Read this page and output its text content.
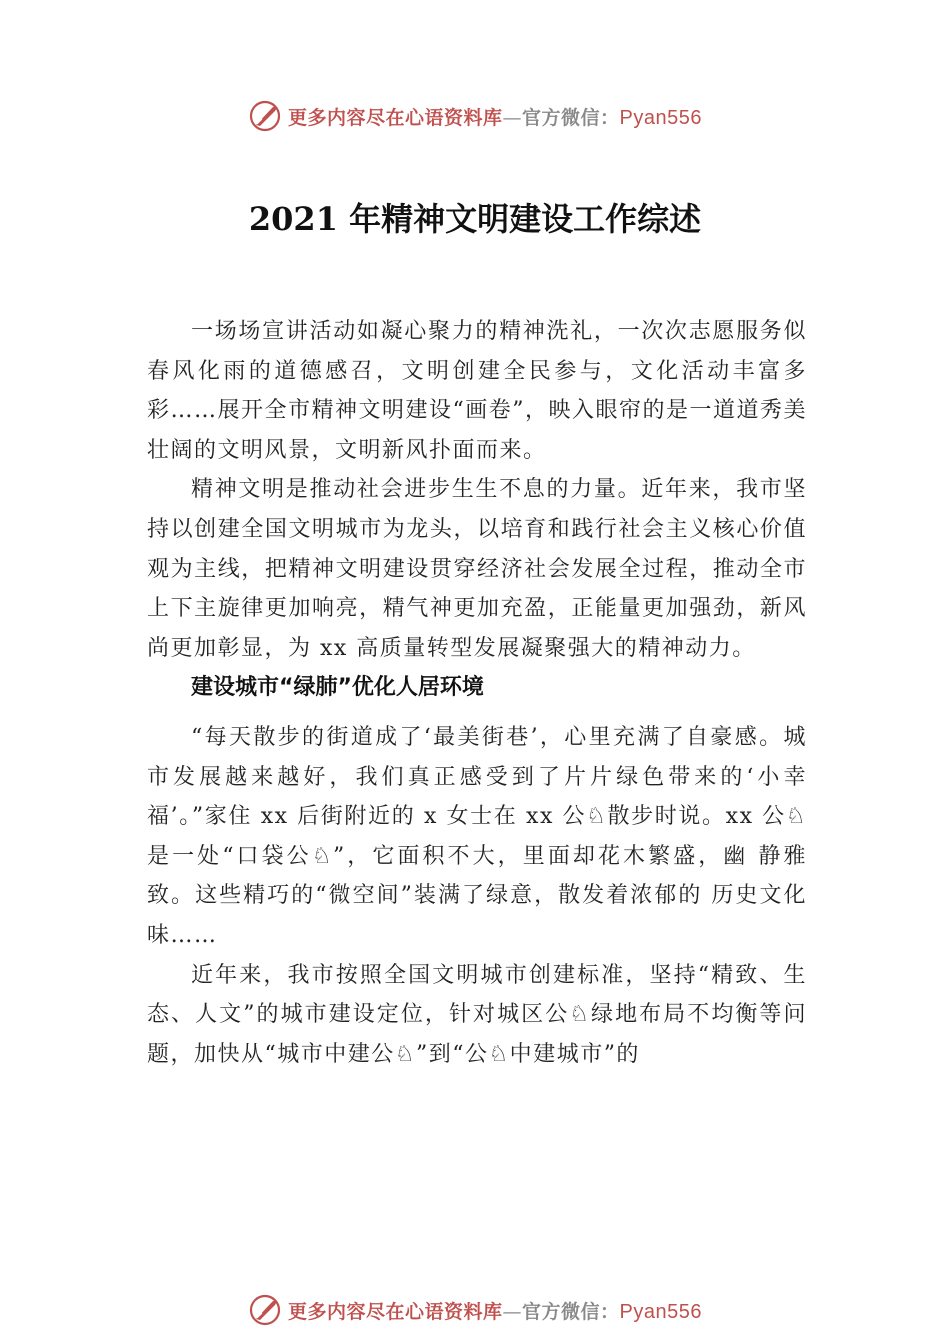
更多内容尽在心语资料库—官方微信：Pyan556
2021 年精神文明建设工作综述

一场场宣讲活动如凝心聚力的精神洗礼，一次次志愿服务似春风化雨的道德感召，文明创建全民参与，文化活动丰富多彩……展开全市精神文明建设“画卷”，映入眼帘的是一道道秀美壮阔的文明风景，文明新风扑面而来。

精神文明是推动社会进步生生不息的力量。近年来，我市坚持以创建全国文明城市为龙头，以培育和践行社会主义核心价值观为主线，把精神文明建设贯穿经济社会发展全过程，推动全市上下主旋律更加响亮，精气神更加充盈，正能量更加强劲，新风尚更加彰显，为 xx 高质量转型发展凝聚强大的精神动力。

建设城市“绿肺”优化人居环境

“每天散步的街道成了‘最美街巷’，心里充满了自豪感。城市发展越来越好，我们真正感受到了片片绿色带来的‘小幸福’。”家住 xx 后街附近的 x 女士在 xx 公♘散步时说。xx 公♘是一处“口袋公♘”，它面积不大，里面却花木繁盛，幽 静雅致。这些精巧的“微空间”装满了绿意，散发着浓郁的 历史文化味……

近年来，我市按照全国文明城市创建标准，坚持“精致、生态、人文”的城市建设定位，针对城区公♘绿地布局不均衡等问题，加快从“城市中建公♘”到“公♘中建城市”的

更多内容尽在心语资料库—官方微信：Pyan556
